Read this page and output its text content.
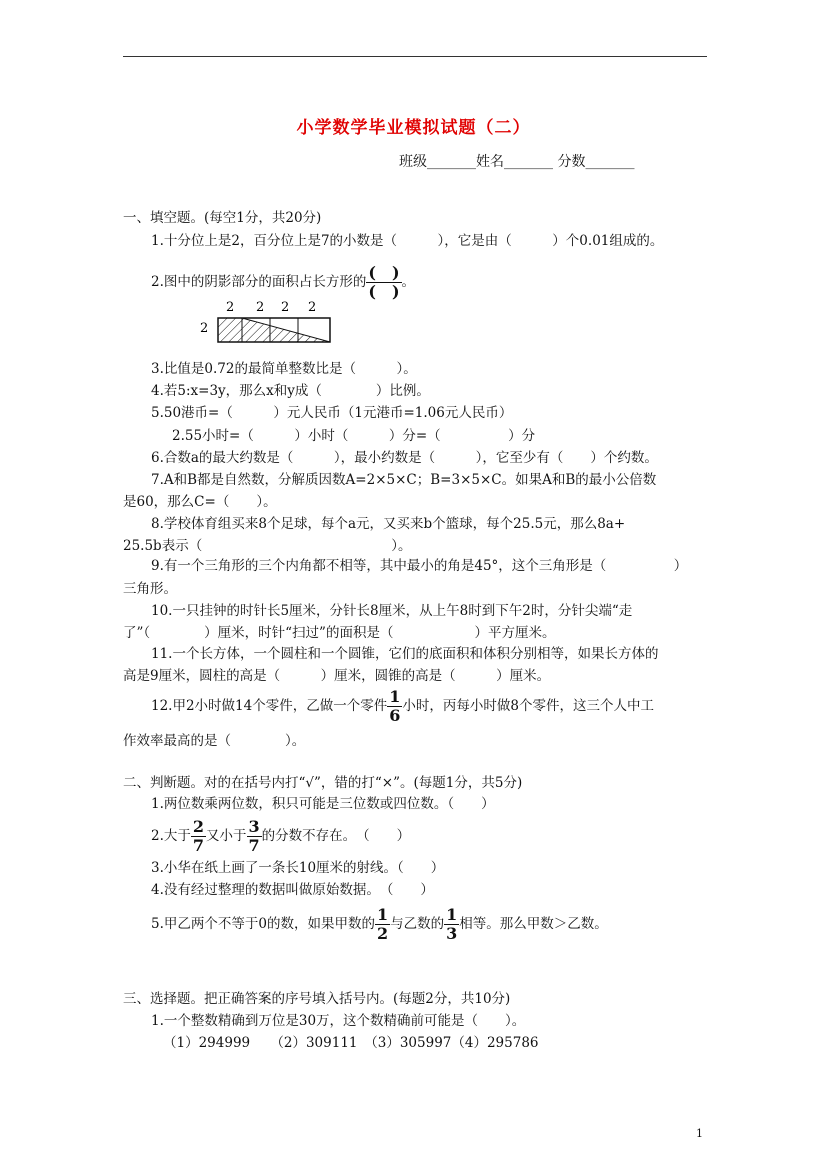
小学数学毕业模拟试题（二）
班级_______姓名_______ 分数_______
一、填空题。(每空1分，共20分)
1.十分位上是2，百分位上是7的小数是（　　　），它是由（　　　）个0.01组成的。
2.图中的阴影部分的面积占长方形的 $\frac{( )}{( )}$ 。
2 2 2 2
2
3.比值是0.72的最简单整数比是（　　　）。
4.若5:x=3y，那么x和y成（　　　　）比例。
5.50港币=（　　　）元人民币（1元港币=1.06元人民币）
2.55小时=（　　　）小时（　　　）分=（　　　　　）分
6.合数a的最大约数是（　　　），最小约数是（　　　），它至少有（　　）个约数。
7.A和B都是自然数，分解质因数A=2×5×C；B=3×5×C。如果A和B的最小公倍数
是60，那么C=（　　）。
8.学校体育组买来8个足球，每个a元，又买来b个篮球，每个25.5元，那么8a+
25.5b表示（　　　　　　　　　　　　　　）。
9.有一个三角形的三个内角都不相等，其中最小的角是45°，这个三角形是（　　　　　）
三角形。
10.一只挂钟的时针长5厘米，分针长8厘米，从上午8时到下午2时，分针尖端“走
了”（　　　　）厘米，时针“扫过”的面积是（　　　　　　）平方厘米。
11.一个长方体，一个圆柱和一个圆锥，它们的底面积和体积分别相等，如果长方体的
高是9厘米，圆柱的高是（　　　）厘米，圆锥的高是（　　　）厘米。
12.甲2小时做14个零件，乙做一个零件 $\frac{1}{6}$ 小时，丙每小时做8个零件，这三个人中工
作效率最高的是（　　　　）。
二、判断题。对的在括号内打“√”，错的打“×”。(每题1分，共5分)
1.两位数乘两位数，积只可能是三位数或四位数。（　　）
2.大于 $\frac{2}{7}$ 又小于 $\frac{3}{7}$ 的分数不存在。　（　　）
3.小华在纸上画了一条长10厘米的射线。（　　）
4.没有经过整理的数据叫做原始数据。　（　　）
5.甲乙两个不等于0的数，如果甲数的 $\frac{1}{2}$ 与乙数的 $\frac{1}{3}$ 相等。那么甲数＞乙数。
三、选择题。把正确答案的序号填入括号内。(每题2分，共10分)
1.一个整数精确到万位是30万，这个数精确前可能是（　　）。
（1）294999　　（2）309111　（3）305997（4）295786
1
